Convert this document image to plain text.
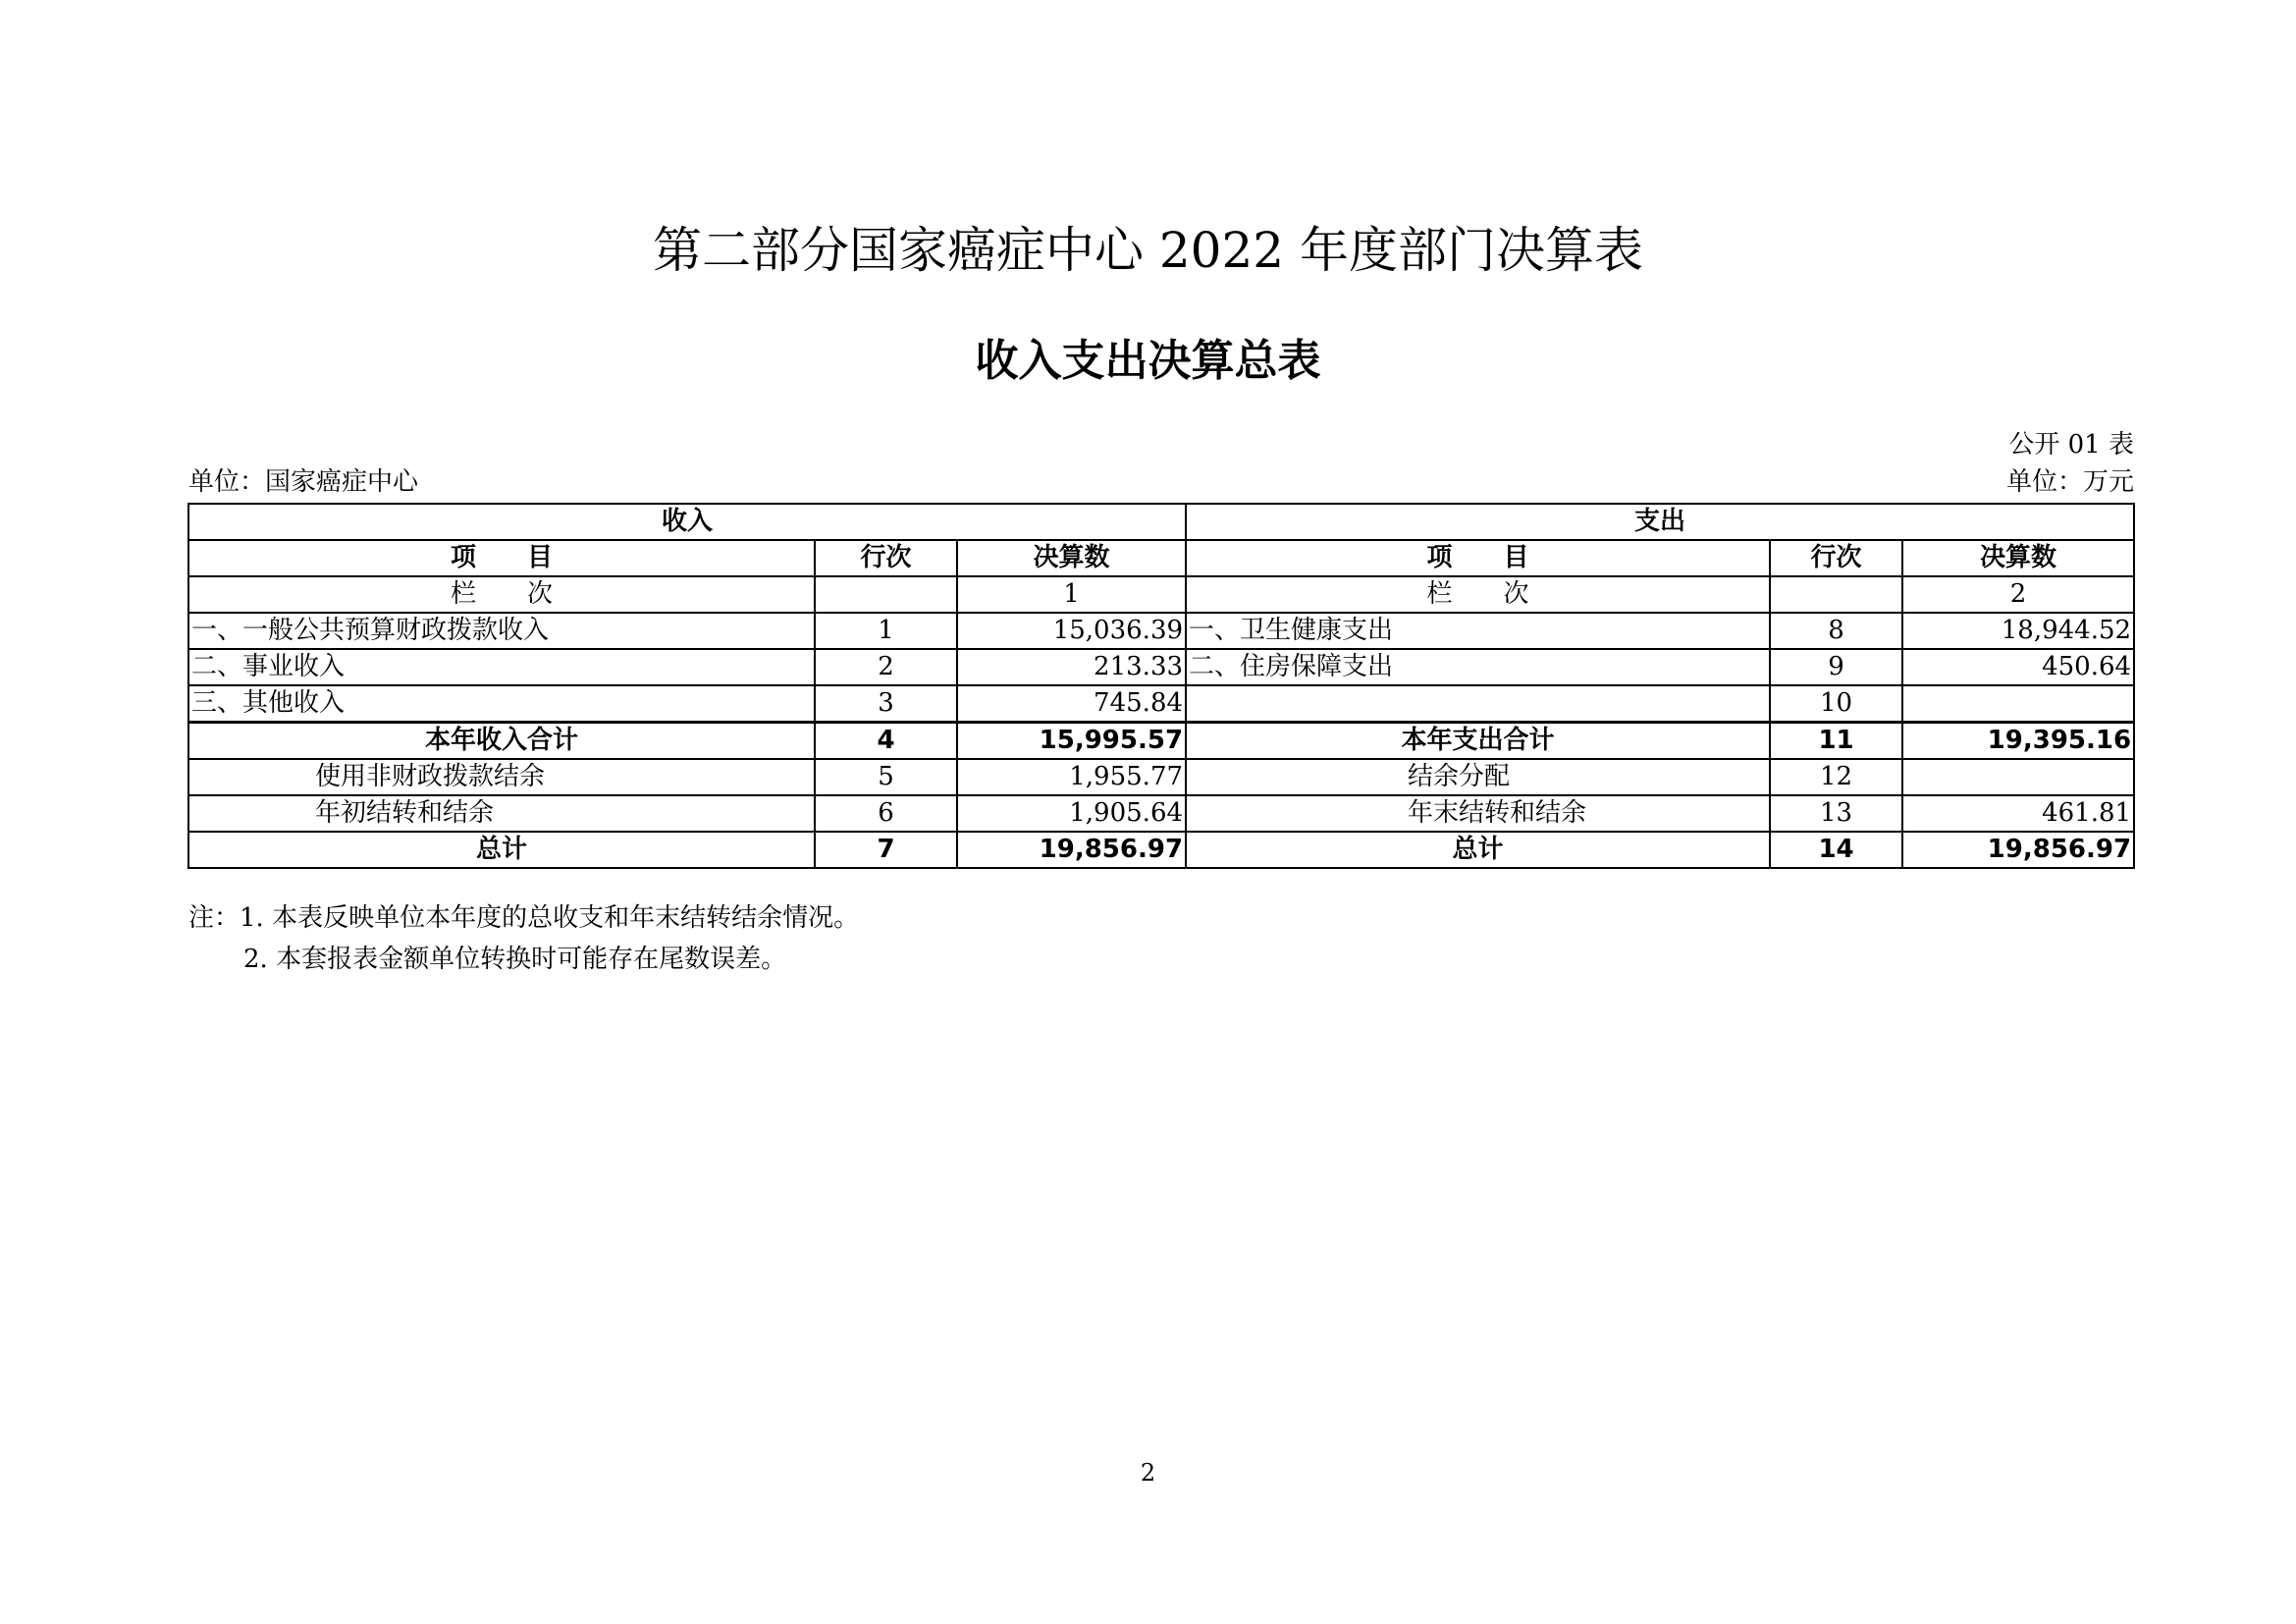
第二部分国家癌症中心 2022 年度部门决算表
收入支出决算总表
公开 01 表
单位：国家癌症中心	单位：万元
收入			支出		
项　　目	行次	决算数	项　　目	行次	决算数
栏　　次		1	栏　　次		2
一、一般公共预算财政拨款收入	1	15,036.39	一、卫生健康支出	8	18,944.52
二、事业收入	2	213.33	二、住房保障支出	9	450.64
三、其他收入	3	745.84		10	
本年收入合计	4	15,995.57	本年支出合计	11	19,395.16
使用非财政拨款结余	5	1,955.77	结余分配	12	
年初结转和结余	6	1,905.64	年末结转和结余	13	461.81
总计	7	19,856.97	总计	14	19,856.97
注：1. 本表反映单位本年度的总收支和年末结转结余情况。
2. 本套报表金额单位转换时可能存在尾数误差。
2
